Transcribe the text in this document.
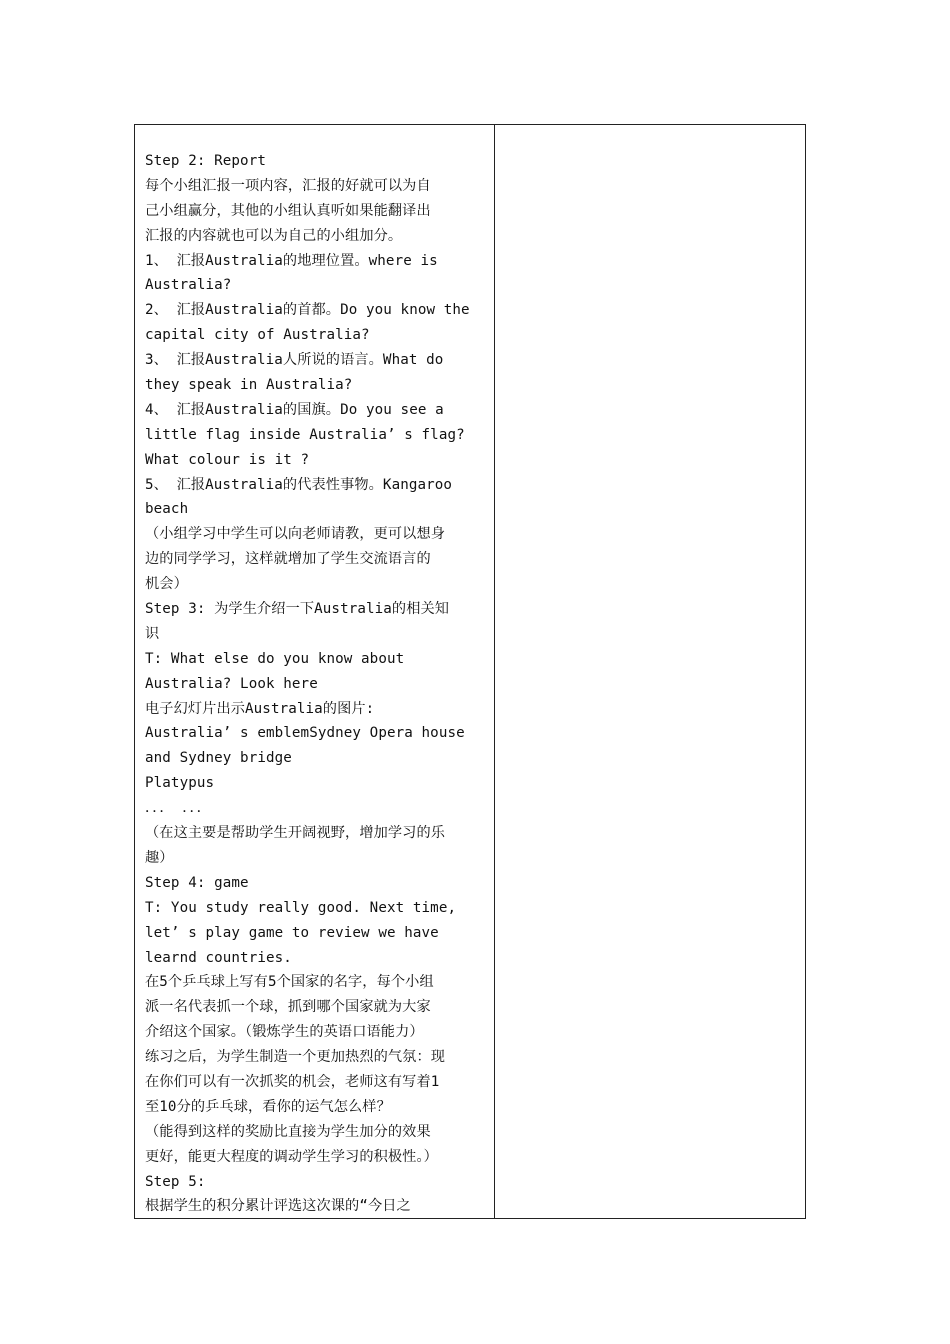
Step 2: Report
每个小组汇报一项内容，汇报的好就可以为自
己小组赢分，其他的小组认真听如果能翻译出
汇报的内容就也可以为自己的小组加分。
1、 汇报Australia的地理位置。where is
Australia?
2、 汇报Australia的首都。Do you know the
capital city of Australia?
3、 汇报Australia人所说的语言。What do
they speak in Australia?
4、 汇报Australia的国旗。Do you see a
little flag inside Australia’ s flag?
What colour is it ?
5、 汇报Australia的代表性事物。Kangaroo
beach
（小组学习中学生可以向老师请教，更可以想身
边的同学学习，这样就增加了学生交流语言的
机会）
Step 3: 为学生介绍一下Australia的相关知
识
T: What else do you know about
Australia? Look here
电子幻灯片出示Australia的图片:
Australia’ s emblemSydney Opera house
and Sydney bridge
Platypus
．．． ．．．
（在这主要是帮助学生开阔视野，增加学习的乐
趣）
Step 4: game
T: You study really good. Next time,
let’ s play game to review we have
learnd countries.
在5个乒乓球上写有5个国家的名字，每个小组
派一名代表抓一个球，抓到哪个国家就为大家
介绍这个国家。（锻炼学生的英语口语能力）
练习之后，为学生制造一个更加热烈的气氛：现
在你们可以有一次抓奖的机会，老师这有写着1
至10分的乒乓球，看你的运气怎么样？
（能得到这样的奖励比直接为学生加分的效果
更好，能更大程度的调动学生学习的积极性。）
Step 5:
根据学生的积分累计评选这次课的“今日之
